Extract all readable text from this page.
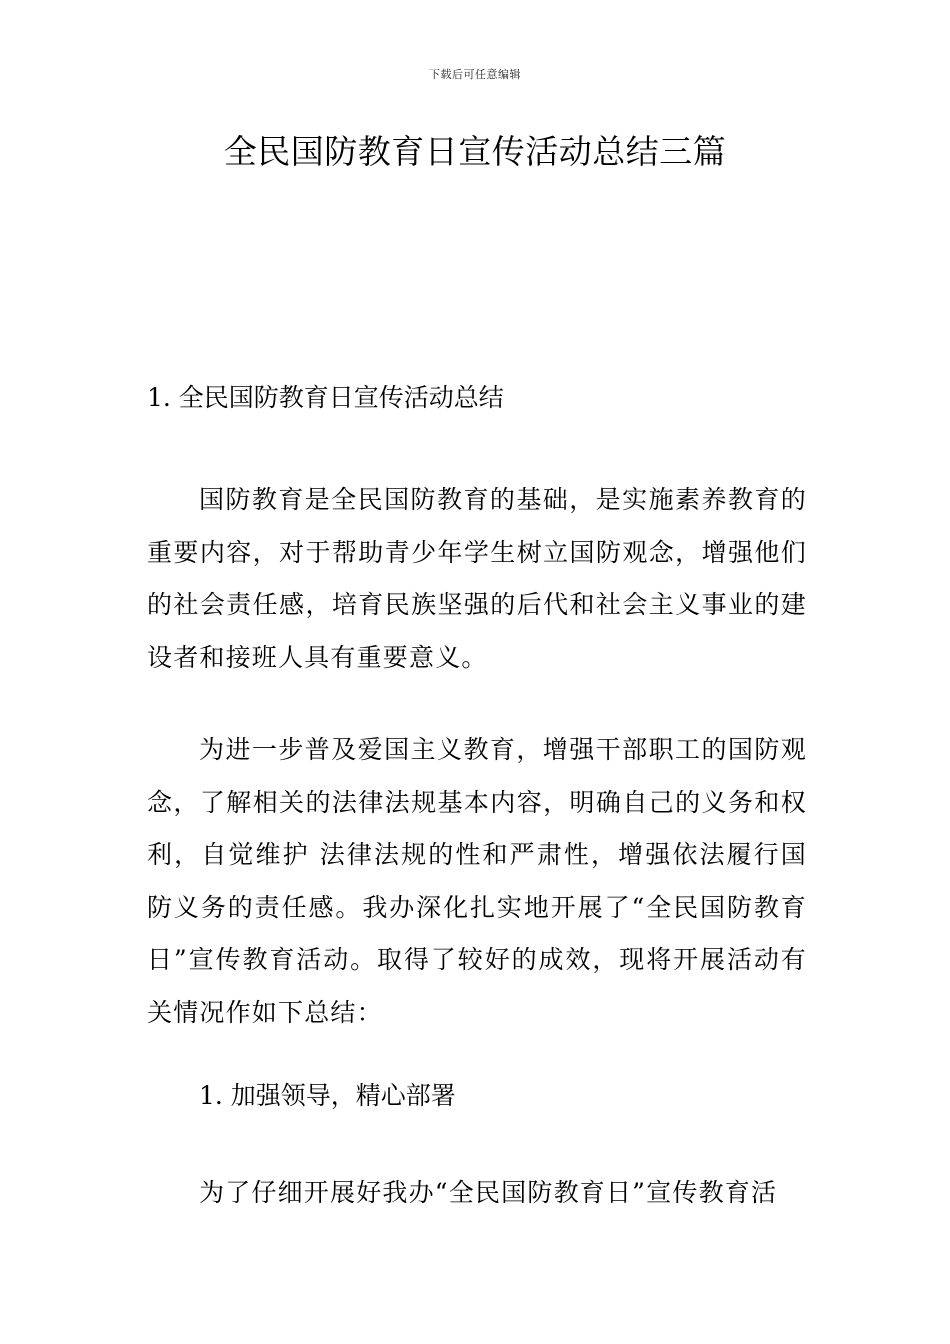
下载后可任意编辑
全民国防教育日宣传活动总结三篇
1. 全民国防教育日宣传活动总结
国防教育是全民国防教育的基础，是实施素养教育的重要内容，对于帮助青少年学生树立国防观念，增强他们的社会责任感，培育民族坚强的后代和社会主义事业的建设者和接班人具有重要意义。
为进一步普及爱国主义教育，增强干部职工的国防观念，了解相关的法律法规基本内容，明确自己的义务和权利，自觉维护 法律法规的性和严肃性，增强依法履行国防义务的责任感。我办深化扎实地开展了“全民国防教育日”宣传教育活动。取得了较好的成效，现将开展活动有关情况作如下总结：
1. 加强领导，精心部署
为了仔细开展好我办“全民国防教育日”宣传教育活
